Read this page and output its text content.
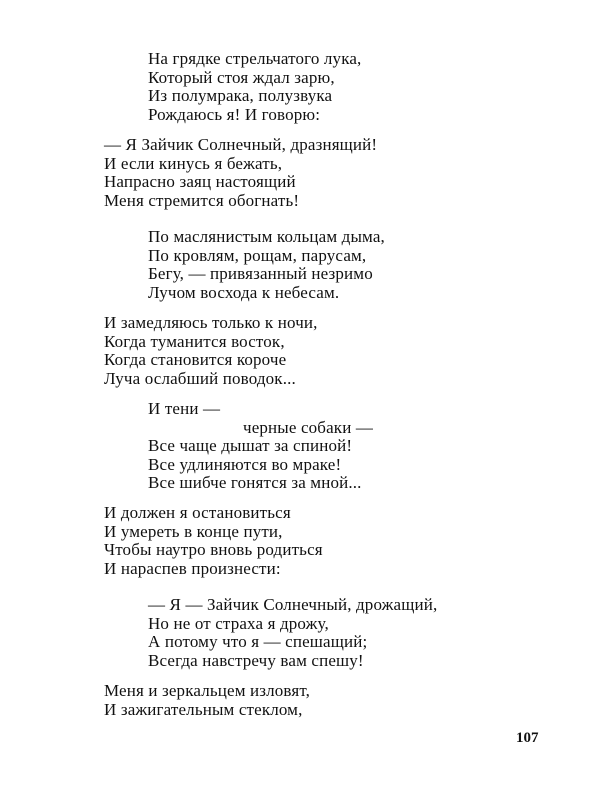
На грядке стрельчатого лука,
Который стоя ждал зарю,
Из полумрака, полузвука
Рождаюсь я! И говорю:
— Я Зайчик Солнечный, дразнящий!
И если кинусь я бежать,
Напрасно заяц настоящий
Меня стремится обогнать!
По маслянистым кольцам дыма,
По кровлям, рощам, парусам,
Бегу, — привязанный незримо
Лучом восхода к небесам.
И замедляюсь только к ночи,
Когда туманится восток,
Когда становится короче
Луча ослабший поводок...
И тени —
черные собаки —
Все чаще дышат за спиной!
Все удлиняются во мраке!
Все шибче гонятся за мной...
И должен я остановиться
И умереть в конце пути,
Чтобы наутро вновь родиться
И нараспев произнести:
— Я — Зайчик Солнечный, дрожащий,
Но не от страха я дрожу,
А потому что я — спешащий;
Всегда навстречу вам спешу!
Меня и зеркальцем изловят,
И зажигательным стеклом,
107
